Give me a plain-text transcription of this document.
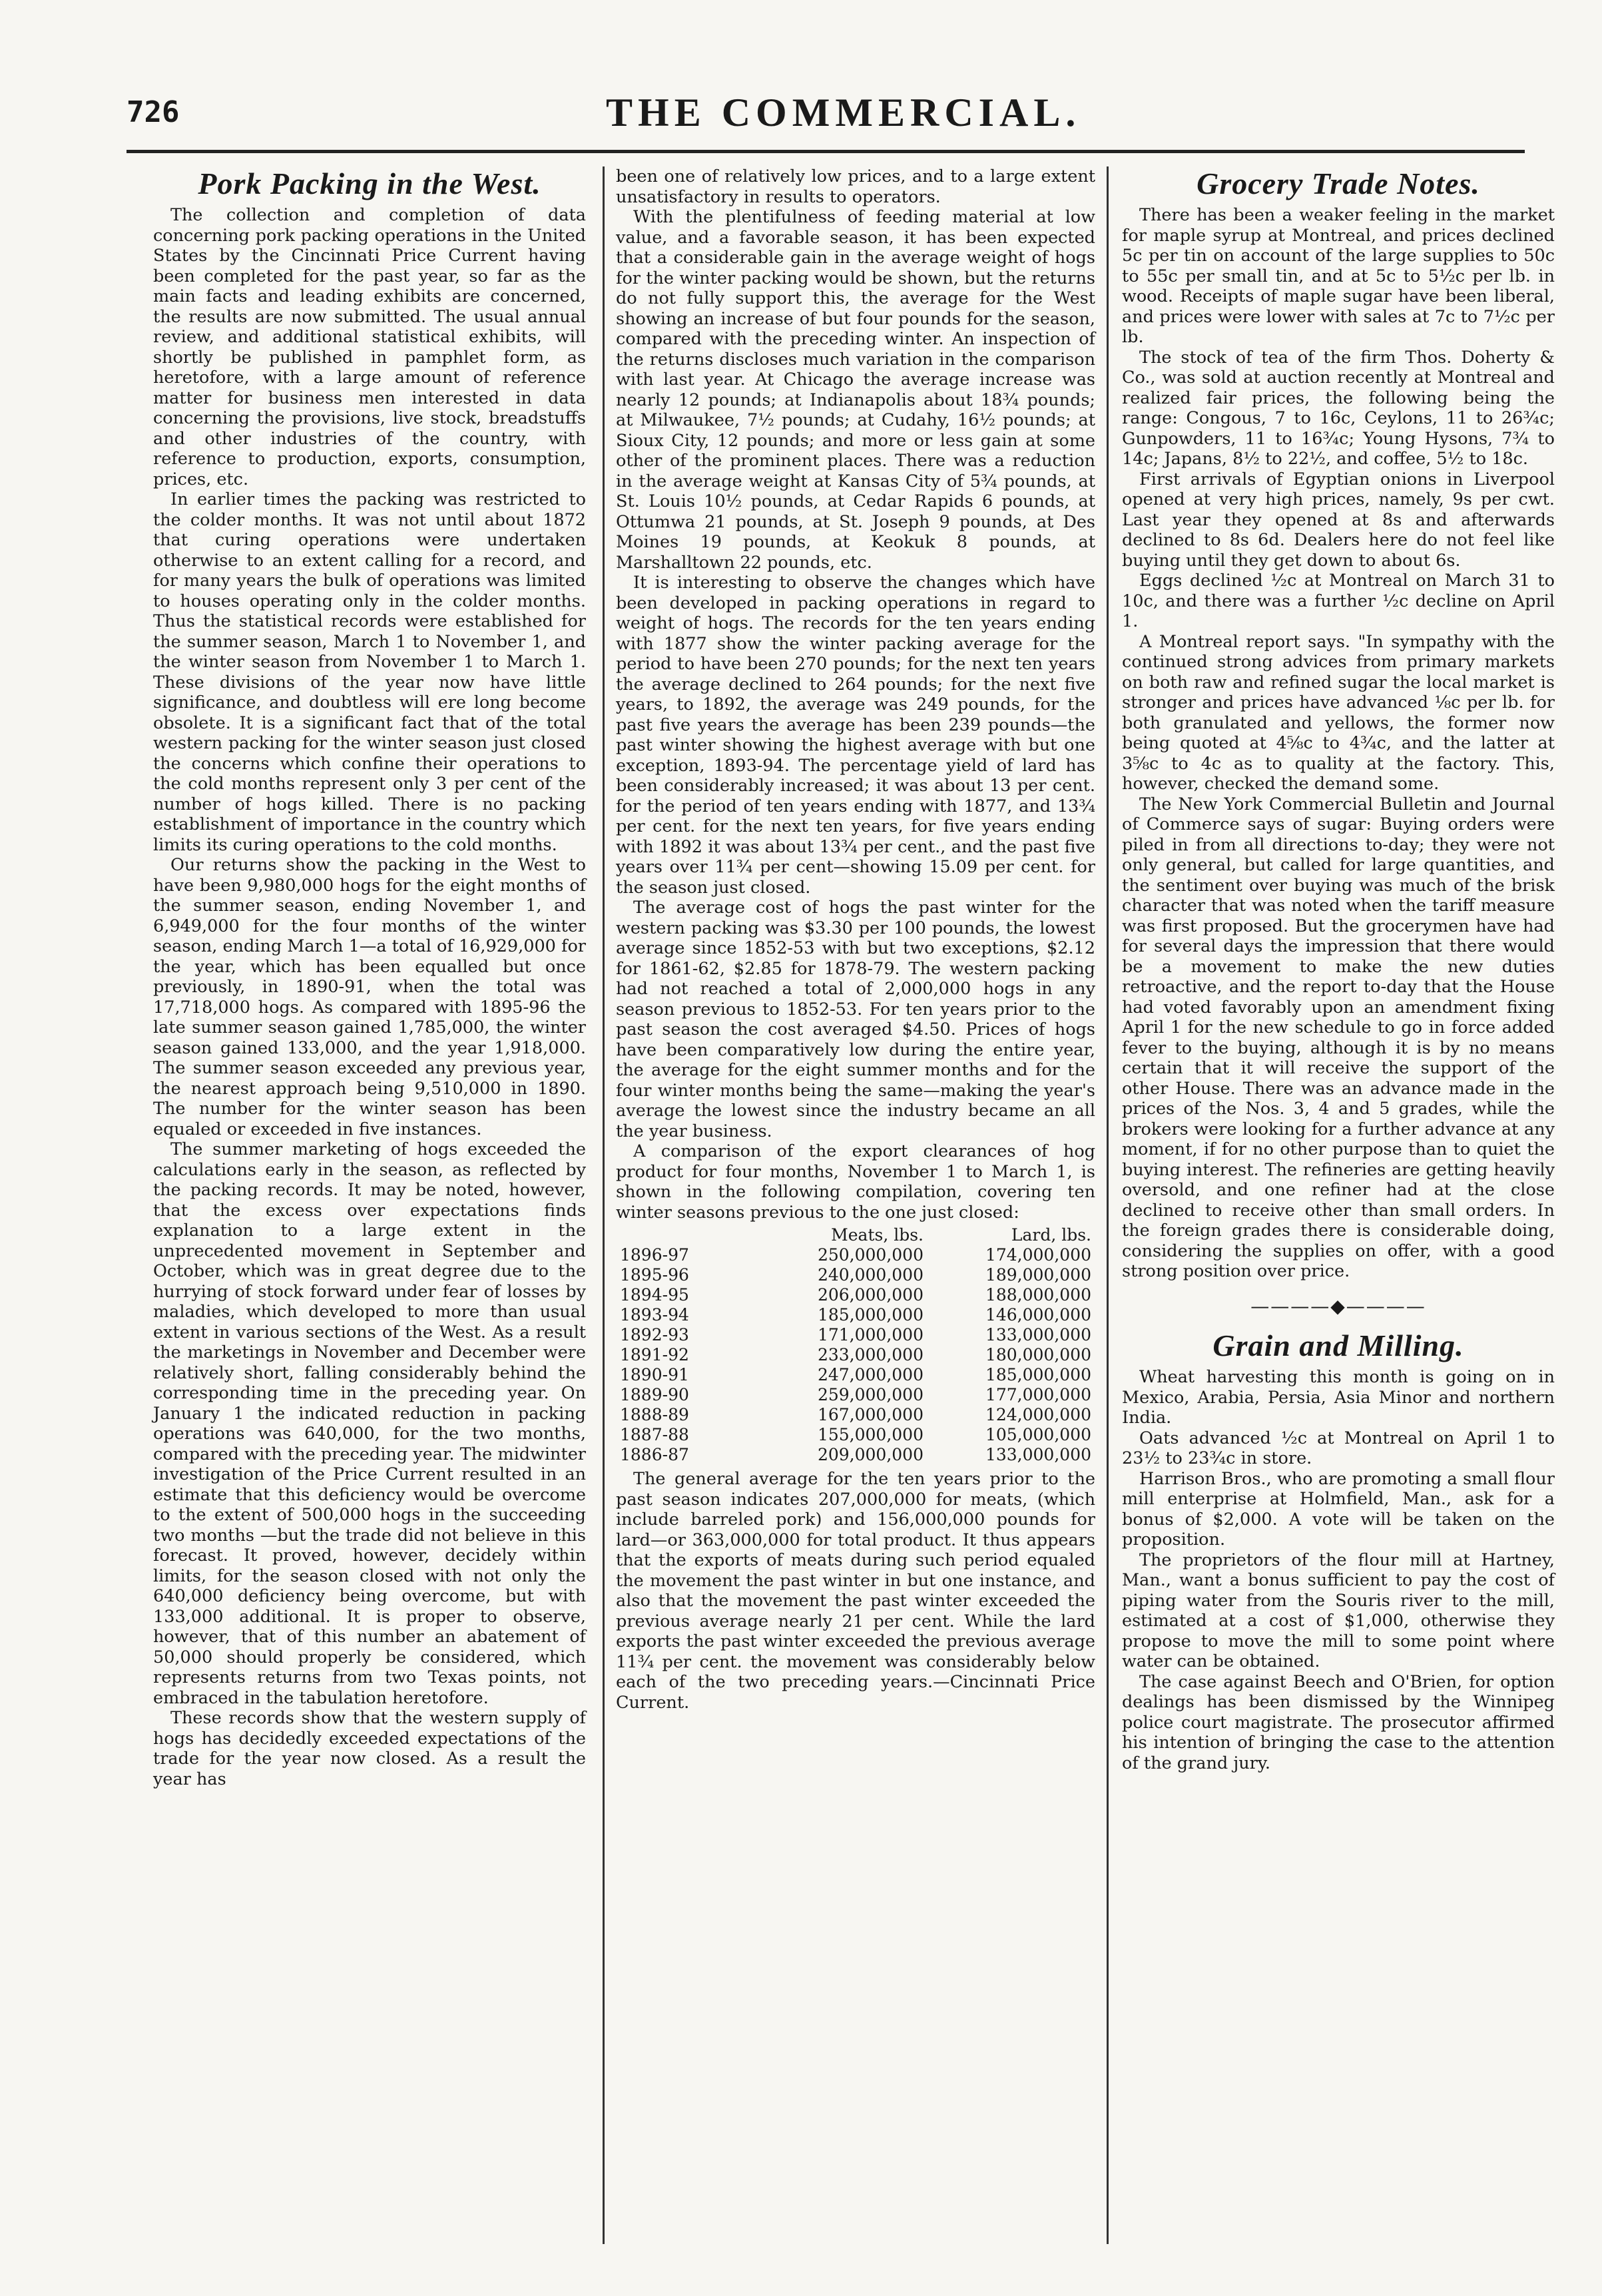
726	THE COMMERCIAL.
Pork Packing in the West.

The collection and completion of data concerning pork packing operations in the United States by the Cincinnati Price Current having been completed for the past year, so far as the main facts and leading exhibits are concerned, the results are now submitted. The usual annual review, and additional statistical exhibits, will shortly be published in pamphlet form, as heretofore, with a large amount of reference matter for business men interested in data concerning the provisions, live stock, breadstuffs and other industries of the country, with reference to production, exports, consumption, prices, etc.

In earlier times the packing was restricted to the colder months. It was not until about 1872 that curing operations were undertaken otherwise to an extent calling for a record, and for many years the bulk of operations was limited to houses operating only in the colder months. Thus the statistical records were established for the summer season, March 1 to November 1, and the winter season from November 1 to March 1. These divisions of the year now have little significance, and doubtless will ere long become obsolete. It is a significant fact that of the total western packing for the winter season just closed the concerns which confine their operations to the cold months represent only 3 per cent of the number of hogs killed. There is no packing establishment of importance in the country which limits its curing operations to the cold months.

Our returns show the packing in the West to have been 9,980,000 hogs for the eight months of the summer season, ending November 1, and 6,949,000 for the four months of the winter season, ending March 1—a total of 16,929,000 for the year, which has been equalled but once previously, in 1890-91, when the total was 17,718,000 hogs. As compared with 1895-96 the late summer season gained 1,785,000, the winter season gained 133,000, and the year 1,918,000. The summer season exceeded any previous year, the nearest approach being 9,510,000 in 1890. The number for the winter season has been equaled or exceeded in five instances.

The summer marketing of hogs exceeded the calculations early in the season, as reflected by the packing records. It may be noted, however, that the excess over expectations finds explanation to a large extent in the unprecedented movement in September and October, which was in great degree due to the hurrying of stock forward under fear of losses by maladies, which developed to more than usual extent in various sections of the West. As a result the marketings in November and December were relatively short, falling considerably behind the corresponding time in the preceding year. On January 1 the indicated reduction in packing operations was 640,000, for the two months, compared with the preceding year. The midwinter investigation of the Price Current resulted in an estimate that this deficiency would be overcome to the extent of 500,000 hogs in the succeeding two months —but the trade did not believe in this forecast. It proved, however, decidely within limits, for the season closed with not only the 640,000 deficiency being overcome, but with 133,000 additional. It is proper to observe, however, that of this number an abatement of 50,000 should properly be considered, which represents returns from two Texas points, not embraced in the tabulation heretofore.

These records show that the western supply of hogs has decidedly exceeded expectations of the trade for the year now closed. As a result the year has

been one of relatively low prices, and to a large extent unsatisfactory in results to operators.

With the plentifulness of feeding material at low value, and a favorable season, it has been expected that a considerable gain in the average weight of hogs for the winter packing would be shown, but the returns do not fully support this, the average for the West showing an increase of but four pounds for the season, compared with the preceding winter. An inspection of the returns discloses much variation in the comparison with last year. At Chicago the average increase was nearly 12 pounds; at Indianapolis about 18¾ pounds; at Milwaukee, 7½ pounds; at Cudahy, 16½ pounds; at Sioux City, 12 pounds; and more or less gain at some other of the prominent places. There was a reduction in the average weight at Kansas City of 5¾ pounds, at St. Louis 10½ pounds, at Cedar Rapids 6 pounds, at Ottumwa 21 pounds, at St. Joseph 9 pounds, at Des Moines 19 pounds, at Keokuk 8 pounds, at Marshalltown 22 pounds, etc.

It is interesting to observe the changes which have been developed in packing operations in regard to weight of hogs. The records for the ten years ending with 1877 show the winter packing average for the period to have been 270 pounds; for the next ten years the average declined to 264 pounds; for the next five years, to 1892, the average was 249 pounds, for the past five years the average has been 239 pounds—the past winter showing the highest average with but one exception, 1893-94. The percentage yield of lard has been considerably increased; it was about 13 per cent. for the period of ten years ending with 1877, and 13¾ per cent. for the next ten years, for five years ending with 1892 it was about 13¾ per cent., and the past five years over 11¾ per cent—showing 15.09 per cent. for the season just closed.

The average cost of hogs the past winter for the western packing was $3.30 per 100 pounds, the lowest average since 1852-53 with but two exceptions, $2.12 for 1861-62, $2.85 for 1878-79. The western packing had not reached a total of 2,000,000 hogs in any season previous to 1852-53. For ten years prior to the past season the cost averaged $4.50. Prices of hogs have been comparatively low during the entire year, the average for the eight summer months and for the four winter months being the same—making the year's average the lowest since the industry became an all the year business.

A comparison of the export clearances of hog product for four months, November 1 to March 1, is shown in the following compilation, covering ten winter seasons previous to the one just closed:

	Meats, lbs.	Lard, lbs.
1896-97	250,000,000	174,000,000
1895-96	240,000,000	189,000,000
1894-95	206,000,000	188,000,000
1893-94	185,000,000	146,000,000
1892-93	171,000,000	133,000,000
1891-92	233,000,000	180,000,000
1890-91	247,000,000	185,000,000
1889-90	259,000,000	177,000,000
1888-89	167,000,000	124,000,000
1887-88	155,000,000	105,000,000
1886-87	209,000,000	133,000,000

The general average for the ten years prior to the past season indicates 207,000,000 for meats, (which include barreled pork) and 156,000,000 pounds for lard—or 363,000,000 for total product. It thus appears that the exports of meats during such period equaled the movement the past winter in but one instance, and also that the movement the past winter exceeded the previous average nearly 21 per cent. While the lard exports the past winter exceeded the previous average 11¾ per cent. the movement was considerably below each of the two preceding years.—Cincinnati Price Current.

Grocery Trade Notes.

There has been a weaker feeling in the market for maple syrup at Montreal, and prices declined 5c per tin on account of the large supplies to 50c to 55c per small tin, and at 5c to 5½c per lb. in wood. Receipts of maple sugar have been liberal, and prices were lower with sales at 7c to 7½c per lb.

The stock of tea of the firm Thos. Doherty & Co., was sold at auction recently at Montreal and realized fair prices, the following being the range: Congous, 7 to 16c, Ceylons, 11 to 26¾c; Gunpowders, 11 to 16¾c; Young Hysons, 7¾ to 14c; Japans, 8½ to 22½, and coffee, 5½ to 18c.

First arrivals of Egyptian onions in Liverpool opened at very high prices, namely, 9s per cwt. Last year they opened at 8s and afterwards declined to 8s 6d. Dealers here do not feel like buying until they get down to about 6s.

Eggs declined ½c at Montreal on March 31 to 10c, and there was a further ½c decline on April 1.

A Montreal report says. "In sympathy with the continued strong advices from primary markets on both raw and refined sugar the local market is stronger and prices have advanced ⅛c per lb. for both granulated and yellows, the former now being quoted at 4⅝c to 4¾c, and the latter at 3⅝c to 4c as to quality at the factory. This, however, checked the demand some.

The New York Commercial Bulletin and Journal of Commerce says of sugar: Buying orders were piled in from all directions to-day; they were not only general, but called for large quantities, and the sentiment over buying was much of the brisk character that was noted when the tariff measure was first proposed. But the grocerymen have had for several days the impression that there would be a movement to make the new duties retroactive, and the report to-day that the House had voted favorably upon an amendment fixing April 1 for the new schedule to go in force added fever to the buying, although it is by no means certain that it will receive the support of the other House. There was an advance made in the prices of the Nos. 3, 4 and 5 grades, while the brokers were looking for a further advance at any moment, if for no other purpose than to quiet the buying interest. The refineries are getting heavily oversold, and one refiner had at the close declined to receive other than small orders. In the foreign grades there is considerable doing, considering the supplies on offer, with a good strong position over price.

————◆————
Grain and Milling.

Wheat harvesting this month is going on in Mexico, Arabia, Persia, Asia Minor and northern India.

Oats advanced ½c at Montreal on April 1 to 23½ to 23¾c in store.

Harrison Bros., who are promoting a small flour mill enterprise at Holmfield, Man., ask for a bonus of $2,000. A vote will be taken on the proposition.

The proprietors of the flour mill at Hartney, Man., want a bonus sufficient to pay the cost of piping water from the Souris river to the mill, estimated at a cost of $1,000, otherwise they propose to move the mill to some point where water can be obtained.

The case against Beech and O'Brien, for option dealings has been dismissed by the Winnipeg police court magistrate. The prosecutor affirmed his intention of bringing the case to the attention of the grand jury.
